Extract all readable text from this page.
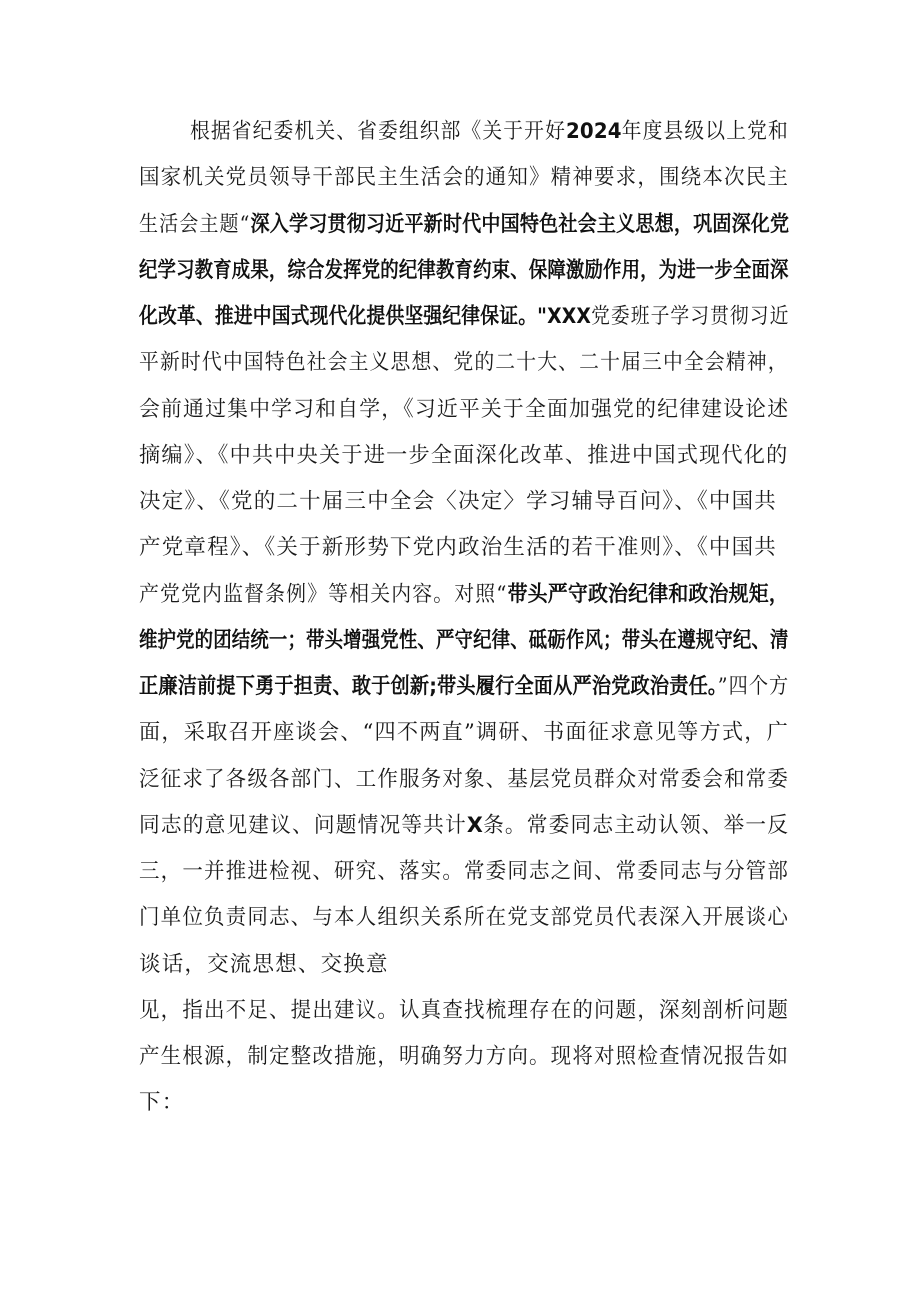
根据省纪委机关、省委组织部《关于开好2024年度县级以上党和
国家机关党员领导干部民主生活会的通知》精神要求，围绕本次民主
生活会主题“深入学习贯彻习近平新时代中国特色社会主义思想，巩固深化党
纪学习教育成果，综合发挥党的纪律教育约束、保障激励作用，为进一步全面深
化改革、推进中国式现代化提供坚强纪律保证。"XXX党委班子学习贯彻习近
平新时代中国特色社会主义思想、党的二十大、二十届三中全会精神，
会前通过集中学习和自学，《习近平关于全面加强党的纪律建设论述
摘编》、《中共中央关于进一步全面深化改革、推进中国式现代化的
决定》、《党的二十届三中全会〈决定〉学习辅导百问》、《中国共
产党章程》、《关于新形势下党内政治生活的若干准则》、《中国共
产党党内监督条例》等相关内容。对照“带头严守政治纪律和政治规矩，
维护党的团结统一；带头增强党性、严守纪律、砥砺作风；带头在遵规守纪、清
正廉洁前提下勇于担责、敢于创新;带头履行全面从严治党政治责任。”四个方
面，采取召开座谈会、“四不两直”调研、书面征求意见等方式，广
泛征求了各级各部门、工作服务对象、基层党员群众对常委会和常委
同志的意见建议、问题情况等共计X条。常委同志主动认领、举一反
三，一并推进检视、研究、落实。常委同志之间、常委同志与分管部
门单位负责同志、与本人组织关系所在党支部党员代表深入开展谈心
谈话，交流思想、交换意
见，指出不足、提出建议。认真查找梳理存在的问题，深刻剖析问题
产生根源，制定整改措施，明确努力方向。现将对照检查情况报告如
下：
